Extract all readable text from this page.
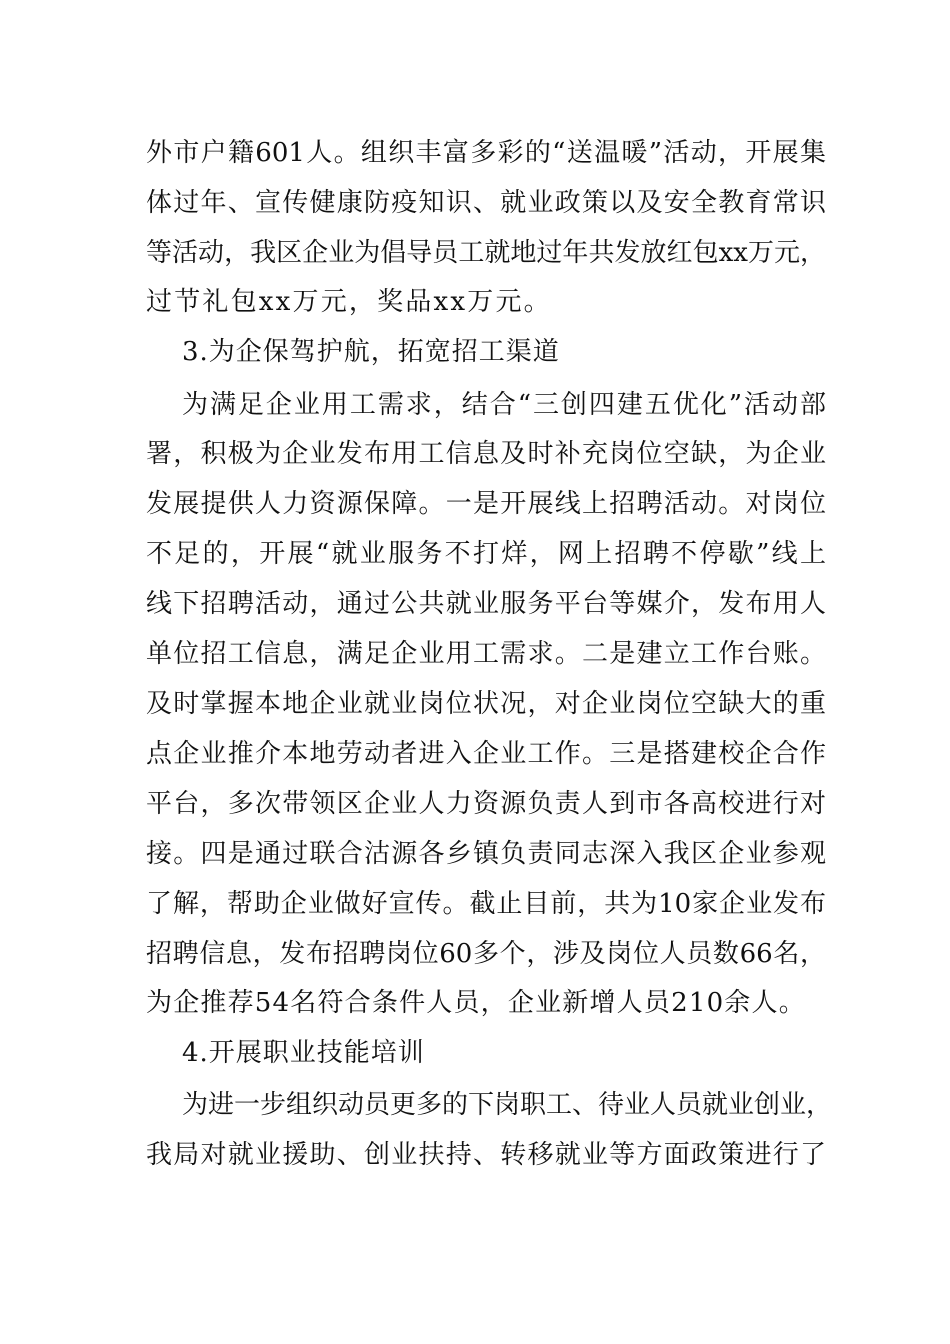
外市户籍601人。组织丰富多彩的“送温暖”活动，开展集
体过年、宣传健康防疫知识、就业政策以及安全教育常识
等活动，我区企业为倡导员工就地过年共发放红包xx万元，
过节礼包xx万元，奖品xx万元。
3.为企保驾护航，拓宽招工渠道
为满足企业用工需求，结合“三创四建五优化”活动部
署，积极为企业发布用工信息及时补充岗位空缺，为企业
发展提供人力资源保障。一是开展线上招聘活动。对岗位
不足的，开展“就业服务不打烊，网上招聘不停歇”线上
线下招聘活动，通过公共就业服务平台等媒介，发布用人
单位招工信息，满足企业用工需求。二是建立工作台账。
及时掌握本地企业就业岗位状况，对企业岗位空缺大的重
点企业推介本地劳动者进入企业工作。三是搭建校企合作
平台，多次带领区企业人力资源负责人到市各高校进行对
接。四是通过联合沽源各乡镇负责同志深入我区企业参观
了解，帮助企业做好宣传。截止目前，共为10家企业发布
招聘信息，发布招聘岗位60多个，涉及岗位人员数66名，
为企推荐54名符合条件人员，企业新增人员210余人。
4.开展职业技能培训
为进一步组织动员更多的下岗职工、待业人员就业创业，
我局对就业援助、创业扶持、转移就业等方面政策进行了
